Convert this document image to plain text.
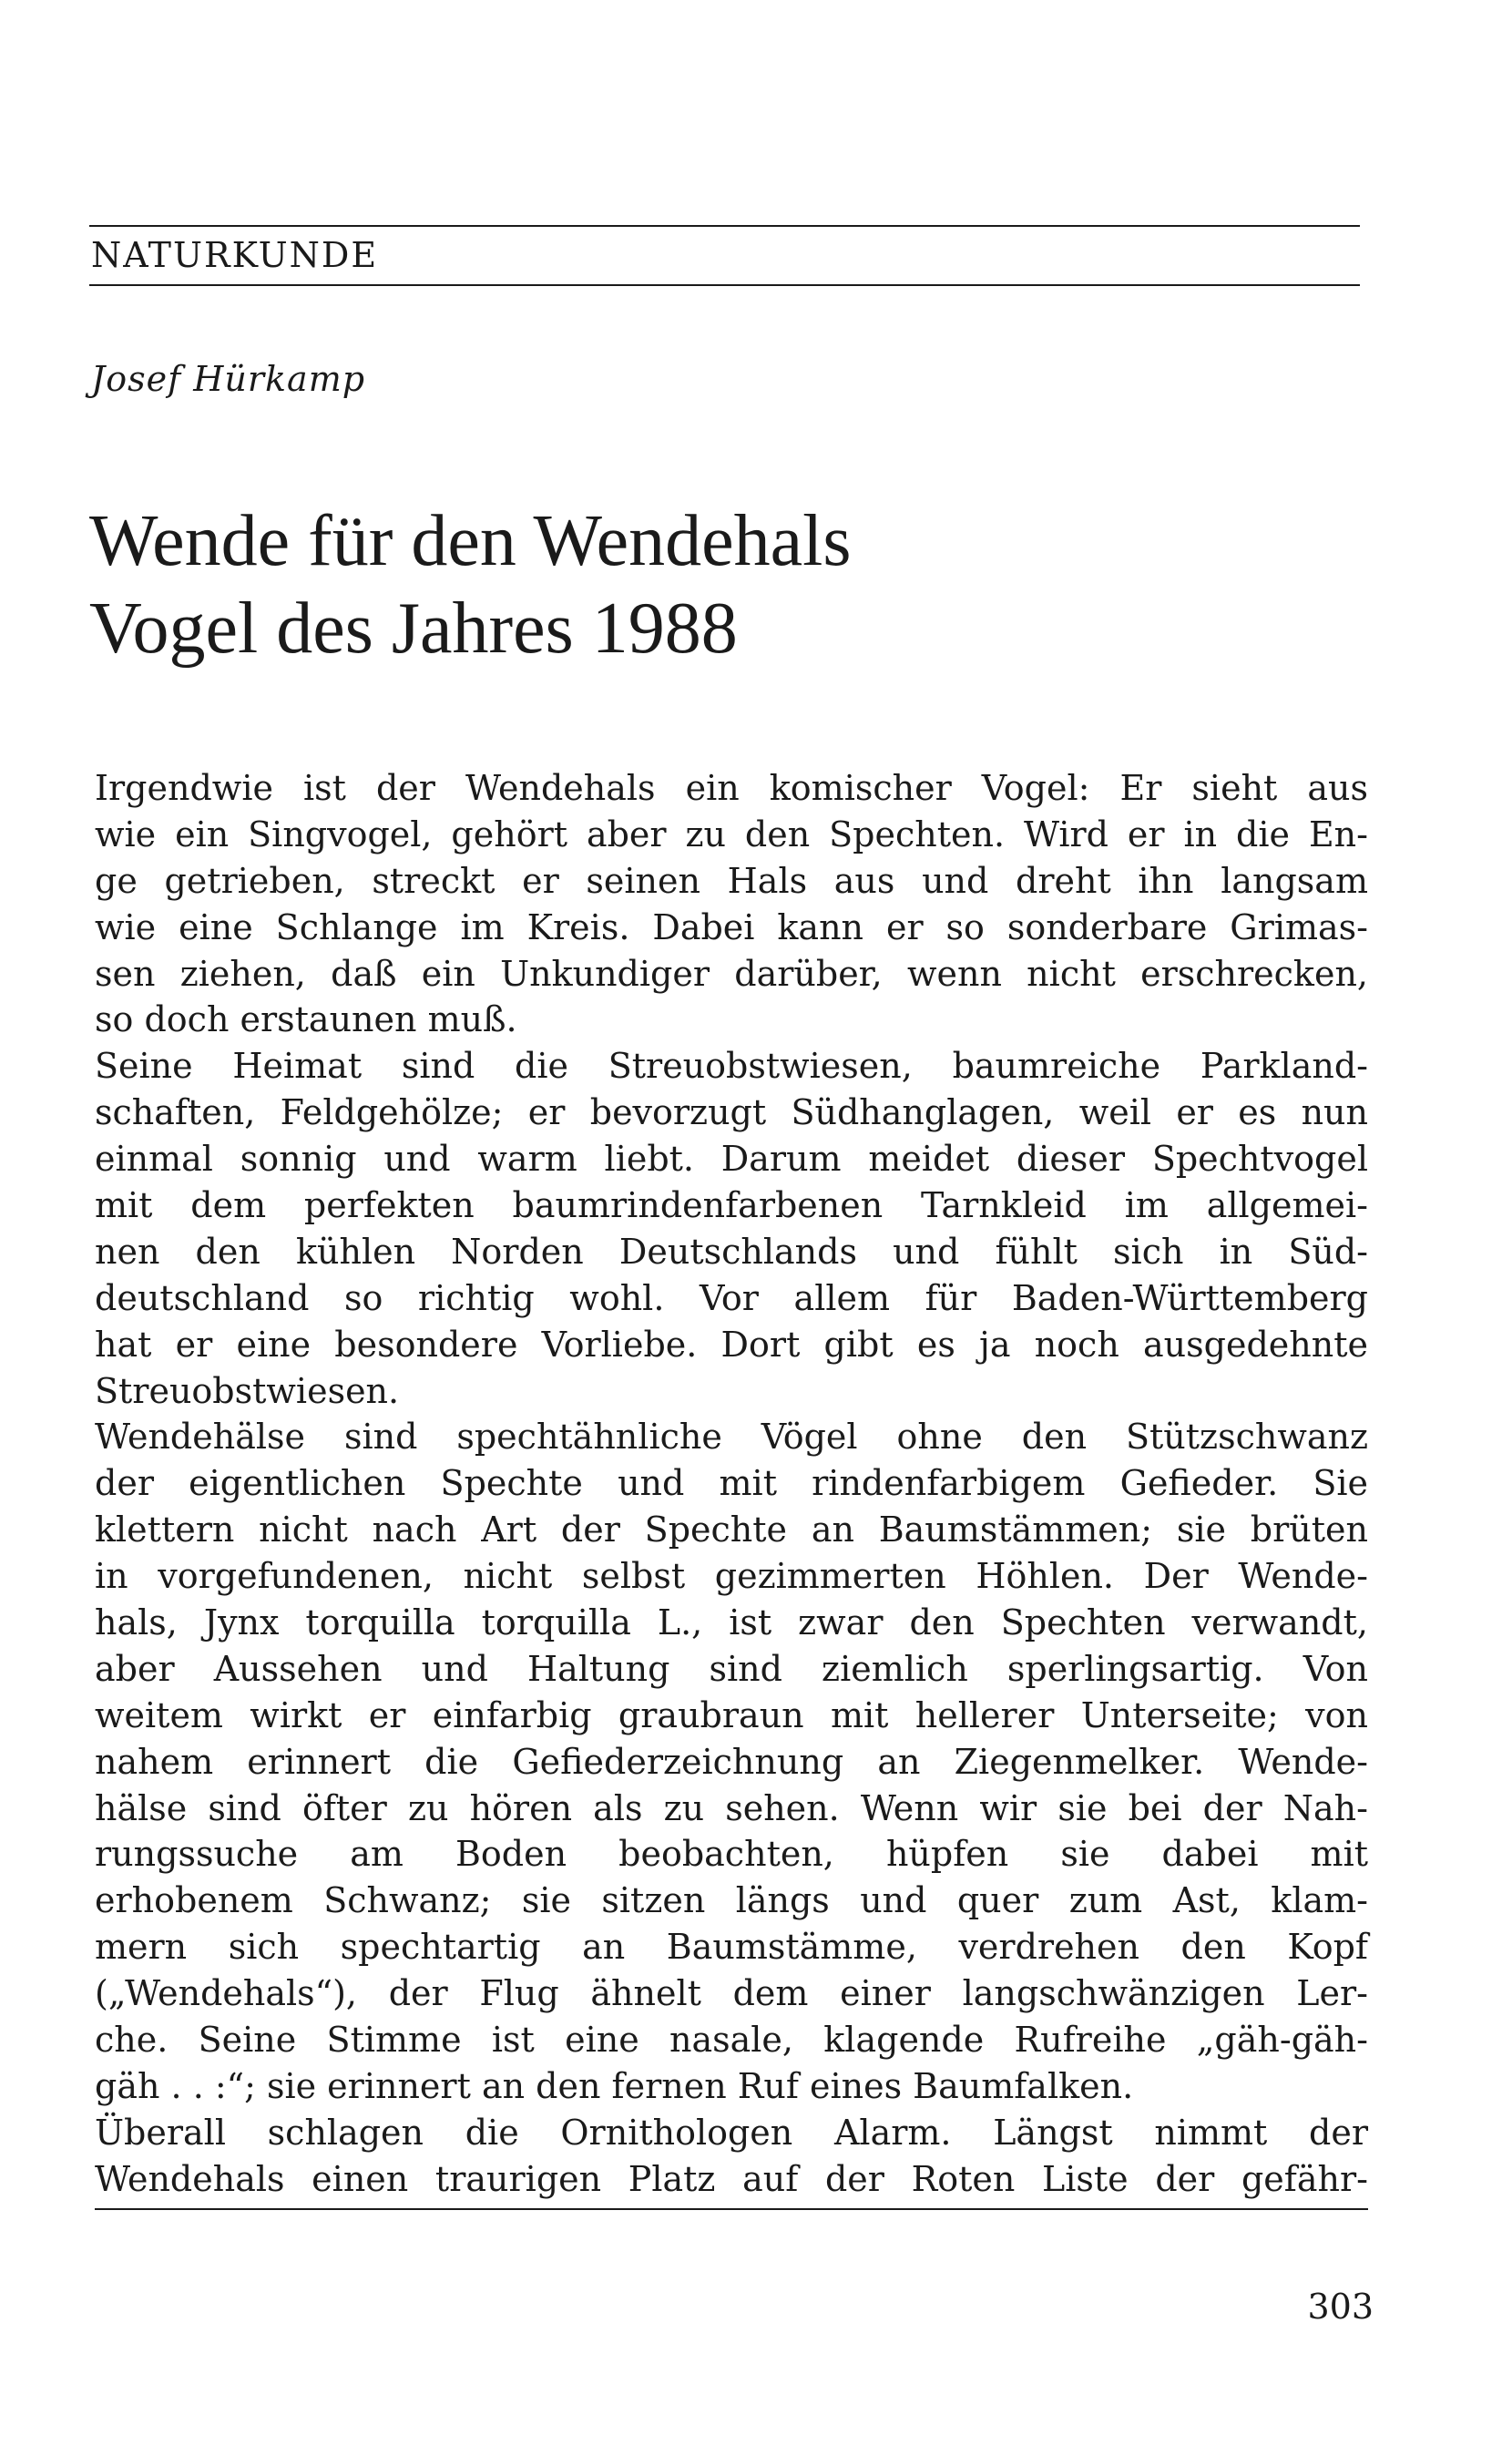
NATURKUNDE
Josef Hürkamp
Wende für den Wendehals
Vogel des Jahres 1988

Irgendwie ist der Wendehals ein komischer Vogel: Er sieht aus
wie ein Singvogel, gehört aber zu den Spechten. Wird er in die En-
ge getrieben, streckt er seinen Hals aus und dreht ihn langsam
wie eine Schlange im Kreis. Dabei kann er so sonderbare Grimas-
sen ziehen, daß ein Unkundiger darüber, wenn nicht erschrecken,
so doch erstaunen muß.

Seine Heimat sind die Streuobstwiesen, baumreiche Parkland-
schaften, Feldgehölze; er bevorzugt Südhanglagen, weil er es nun
einmal sonnig und warm liebt. Darum meidet dieser Spechtvogel
mit dem perfekten baumrindenfarbenen Tarnkleid im allgemei-
nen den kühlen Norden Deutschlands und fühlt sich in Süd-
deutschland so richtig wohl. Vor allem für Baden-Württemberg
hat er eine besondere Vorliebe. Dort gibt es ja noch ausgedehnte
Streuobstwiesen.

Wendehälse sind spechtähnliche Vögel ohne den Stützschwanz
der eigentlichen Spechte und mit rindenfarbigem Gefieder. Sie
klettern nicht nach Art der Spechte an Baumstämmen; sie brüten
in vorgefundenen, nicht selbst gezimmerten Höhlen. Der Wende-
hals, Jynx torquilla torquilla L., ist zwar den Spechten verwandt,
aber Aussehen und Haltung sind ziemlich sperlingsartig. Von
weitem wirkt er einfarbig graubraun mit hellerer Unterseite; von
nahem erinnert die Gefiederzeichnung an Ziegenmelker. Wende-
hälse sind öfter zu hören als zu sehen. Wenn wir sie bei der Nah-
rungssuche am Boden beobachten, hüpfen sie dabei mit
erhobenem Schwanz; sie sitzen längs und quer zum Ast, klam-
mern sich spechtartig an Baumstämme, verdrehen den Kopf
(„Wendehals“), der Flug ähnelt dem einer langschwänzigen Ler-
che. Seine Stimme ist eine nasale, klagende Rufreihe „gäh-gäh-
gäh . . :“; sie erinnert an den fernen Ruf eines Baumfalken.

Überall schlagen die Ornithologen Alarm. Längst nimmt der
Wendehals einen traurigen Platz auf der Roten Liste der gefähr-

303
